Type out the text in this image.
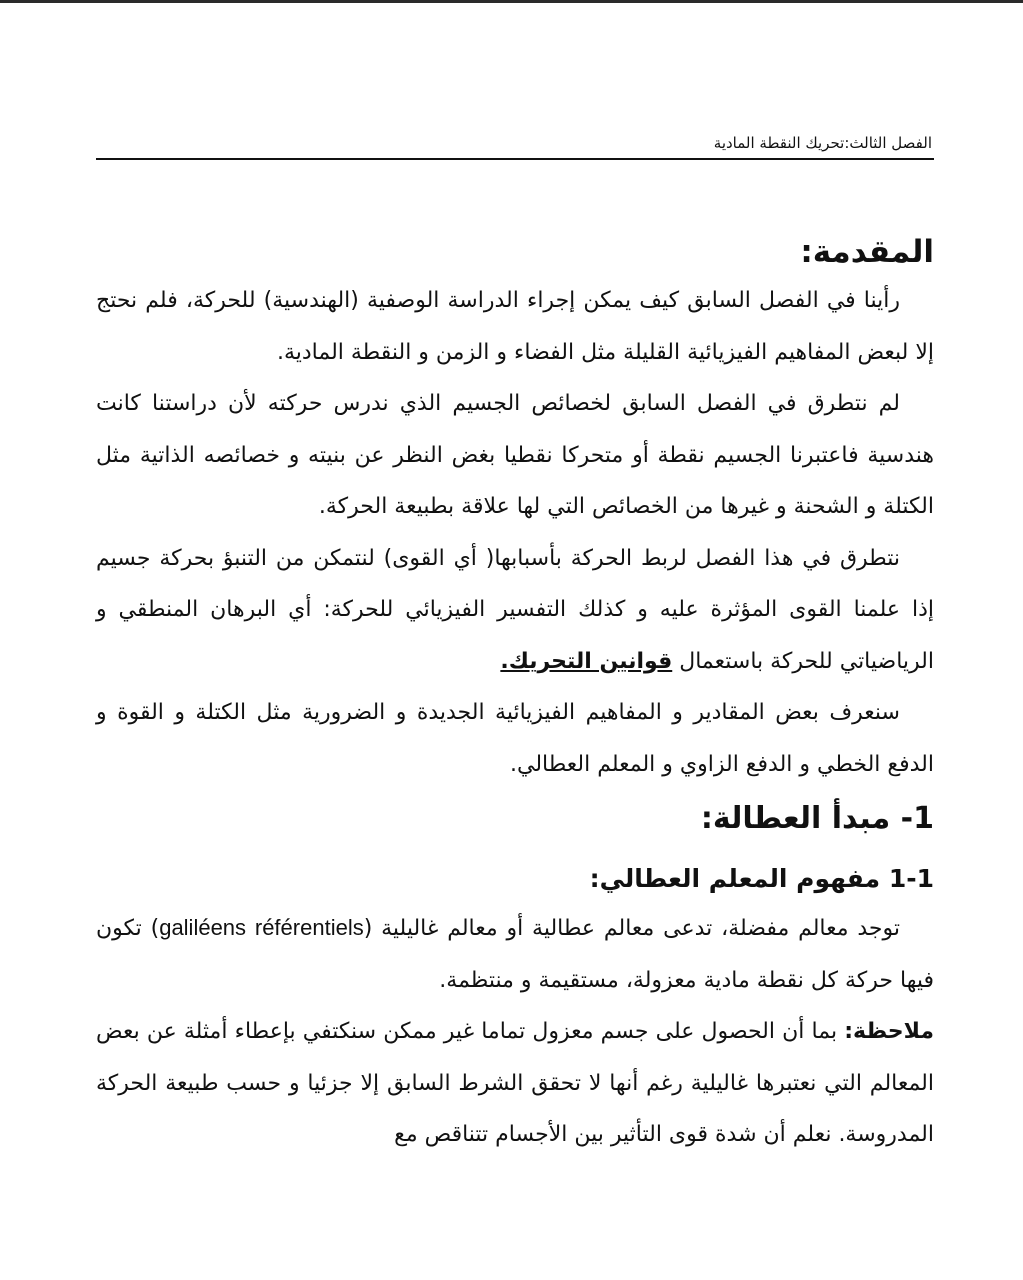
الفصل الثالث:تحريك النقطة المادية
المقدمة:

رأينا في الفصل السابق كيف يمكن إجراء الدراسة الوصفية (الهندسية) للحركة، فلم نحتج إلا لبعض المفاهيم الفيزيائية القليلة مثل الفضاء و الزمن و النقطة المادية.

لم نتطرق في الفصل السابق لخصائص الجسيم الذي ندرس حركته لأن دراستنا كانت هندسية فاعتبرنا الجسيم نقطة أو متحركا نقطيا بغض النظر عن بنيته و خصائصه الذاتية مثل الكتلة و الشحنة و غيرها من الخصائص التي لها علاقة بطبيعة الحركة.

نتطرق في هذا الفصل لربط الحركة بأسبابها( أي القوى) لنتمكن من التنبؤ بحركة جسيم إذا علمنا القوى المؤثرة عليه و كذلك التفسير الفيزيائي للحركة: أي البرهان المنطقي و الرياضياتي للحركة باستعمال قوانين التحريك.

سنعرف بعض المقادير و المفاهيم الفيزيائية الجديدة و الضرورية مثل الكتلة و القوة و الدفع الخطي و الدفع الزاوي و المعلم العطالي.

1- مبدأ العطالة:
1-1 مفهوم المعلم العطالي:

توجد معالم مفضلة، تدعى معالم عطالية أو معالم غاليلية (référentiels galiléens) تكون فيها حركة كل نقطة مادية معزولة، مستقيمة و منتظمة.

ملاحظة: بما أن الحصول على جسم معزول تماما غير ممكن سنكتفي بإعطاء أمثلة عن بعض المعالم التي نعتبرها غاليلية رغم أنها لا تحقق الشرط السابق إلا جزئيا و حسب طبيعة الحركة المدروسة. نعلم أن شدة قوى التأثير بين الأجسام تتناقص مع
